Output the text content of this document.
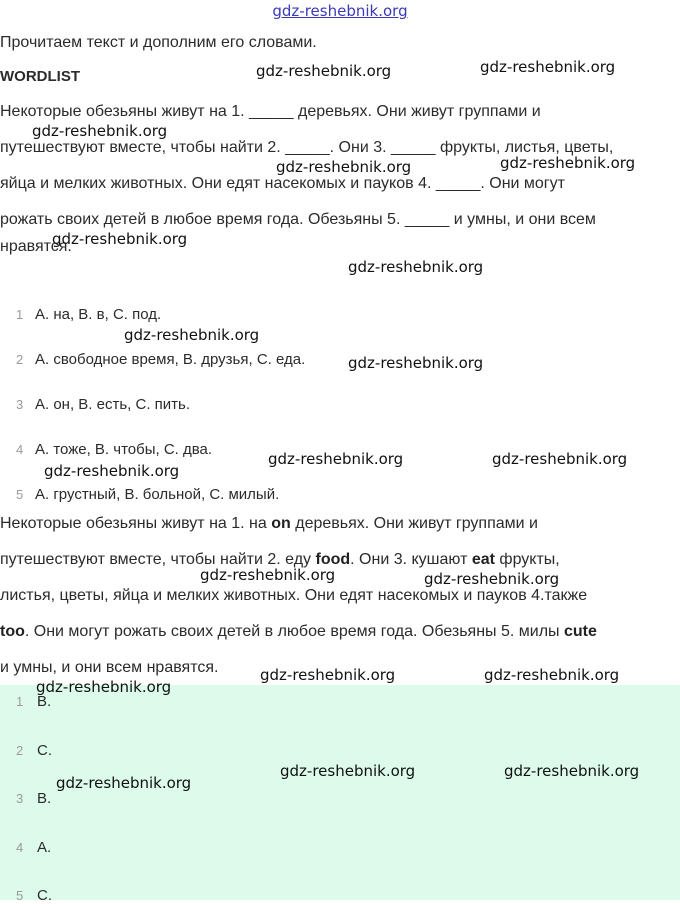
gdz-reshebnik.org
Прочитаем текст и дополним его словами.
WORDLIST
Некоторые обезьяны живут на 1. _____ деревьях. Они живут группами и
путешествуют вместе, чтобы найти 2. _____. Они 3. _____ фрукты, листья, цветы,
яйца и мелких животных. Они едят насекомых и пауков 4. _____. Они могут
рожать своих детей в любое время года. Обезьяны 5. _____ и умны, и они всем
нравятся.
1 A. на, B. в, C. под.
2 A. свободное время, B. друзья, C. еда.
3 A. он, B. есть, C. пить.
4 A. тоже, B. чтобы, C. два.
5 A. грустный, B. больной, C. милый.
Некоторые обезьяны живут на 1. на on деревьях. Они живут группами и
путешествуют вместе, чтобы найти 2. еду food. Они 3. кушают eat фрукты,
листья, цветы, яйца и мелких животных. Они едят насекомых и пауков 4.также
too. Они могут рожать своих детей в любое время года. Обезьяны 5. милы cute
и умны, и они всем нравятся.
1 B.
2 C.
3 B.
4 A.
5 C.
gdz-reshebnik.org	gdz-reshebnik.org
gdz-reshebnik.org
gdz-reshebnik.org	gdz-reshebnik.org
gdz-reshebnik.org
gdz-reshebnik.org
gdz-reshebnik.org
gdz-reshebnik.org
gdz-reshebnik.org
gdz-reshebnik.org	gdz-reshebnik.org
gdz-reshebnik.org	gdz-reshebnik.org
gdz-reshebnik.org	gdz-reshebnik.org
gdz-reshebnik.org
gdz-reshebnik.org
gdz-reshebnik.org	gdz-reshebnik.org
